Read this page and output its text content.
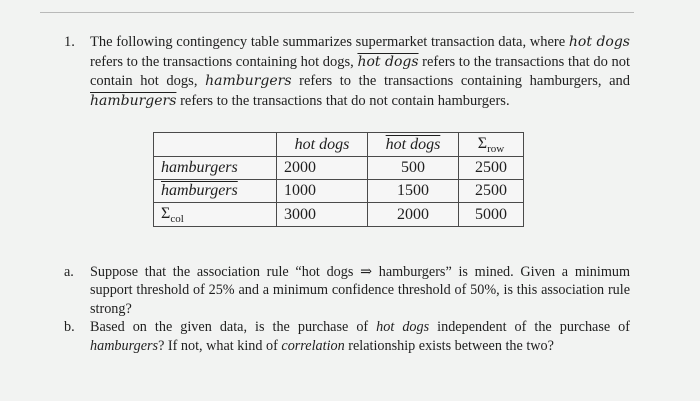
1. The following contingency table summarizes supermarket transaction data, where hot dogs refers to the transactions containing hot dogs, hot dogs refers to the transactions that do not contain hot dogs, hamburgers refers to the transactions containing hamburgers, and hamburgers refers to the transactions that do not contain hamburgers.
	hot dogs	hot dogs	$\Sigma_{row}$
hamburgers	2000	500	2500
hamburgers	1000	1500	2500
$\Sigma_{col}$	3000	2000	5000
a.	Suppose that the association rule “hot dogs ⇒ hamburgers” is mined. Given a minimum support threshold of 25% and a minimum confidence threshold of 50%, is this association rule strong?
b.	Based on the given data, is the purchase of hot dogs independent of the purchase of hamburgers? If not, what kind of correlation relationship exists between the two?
